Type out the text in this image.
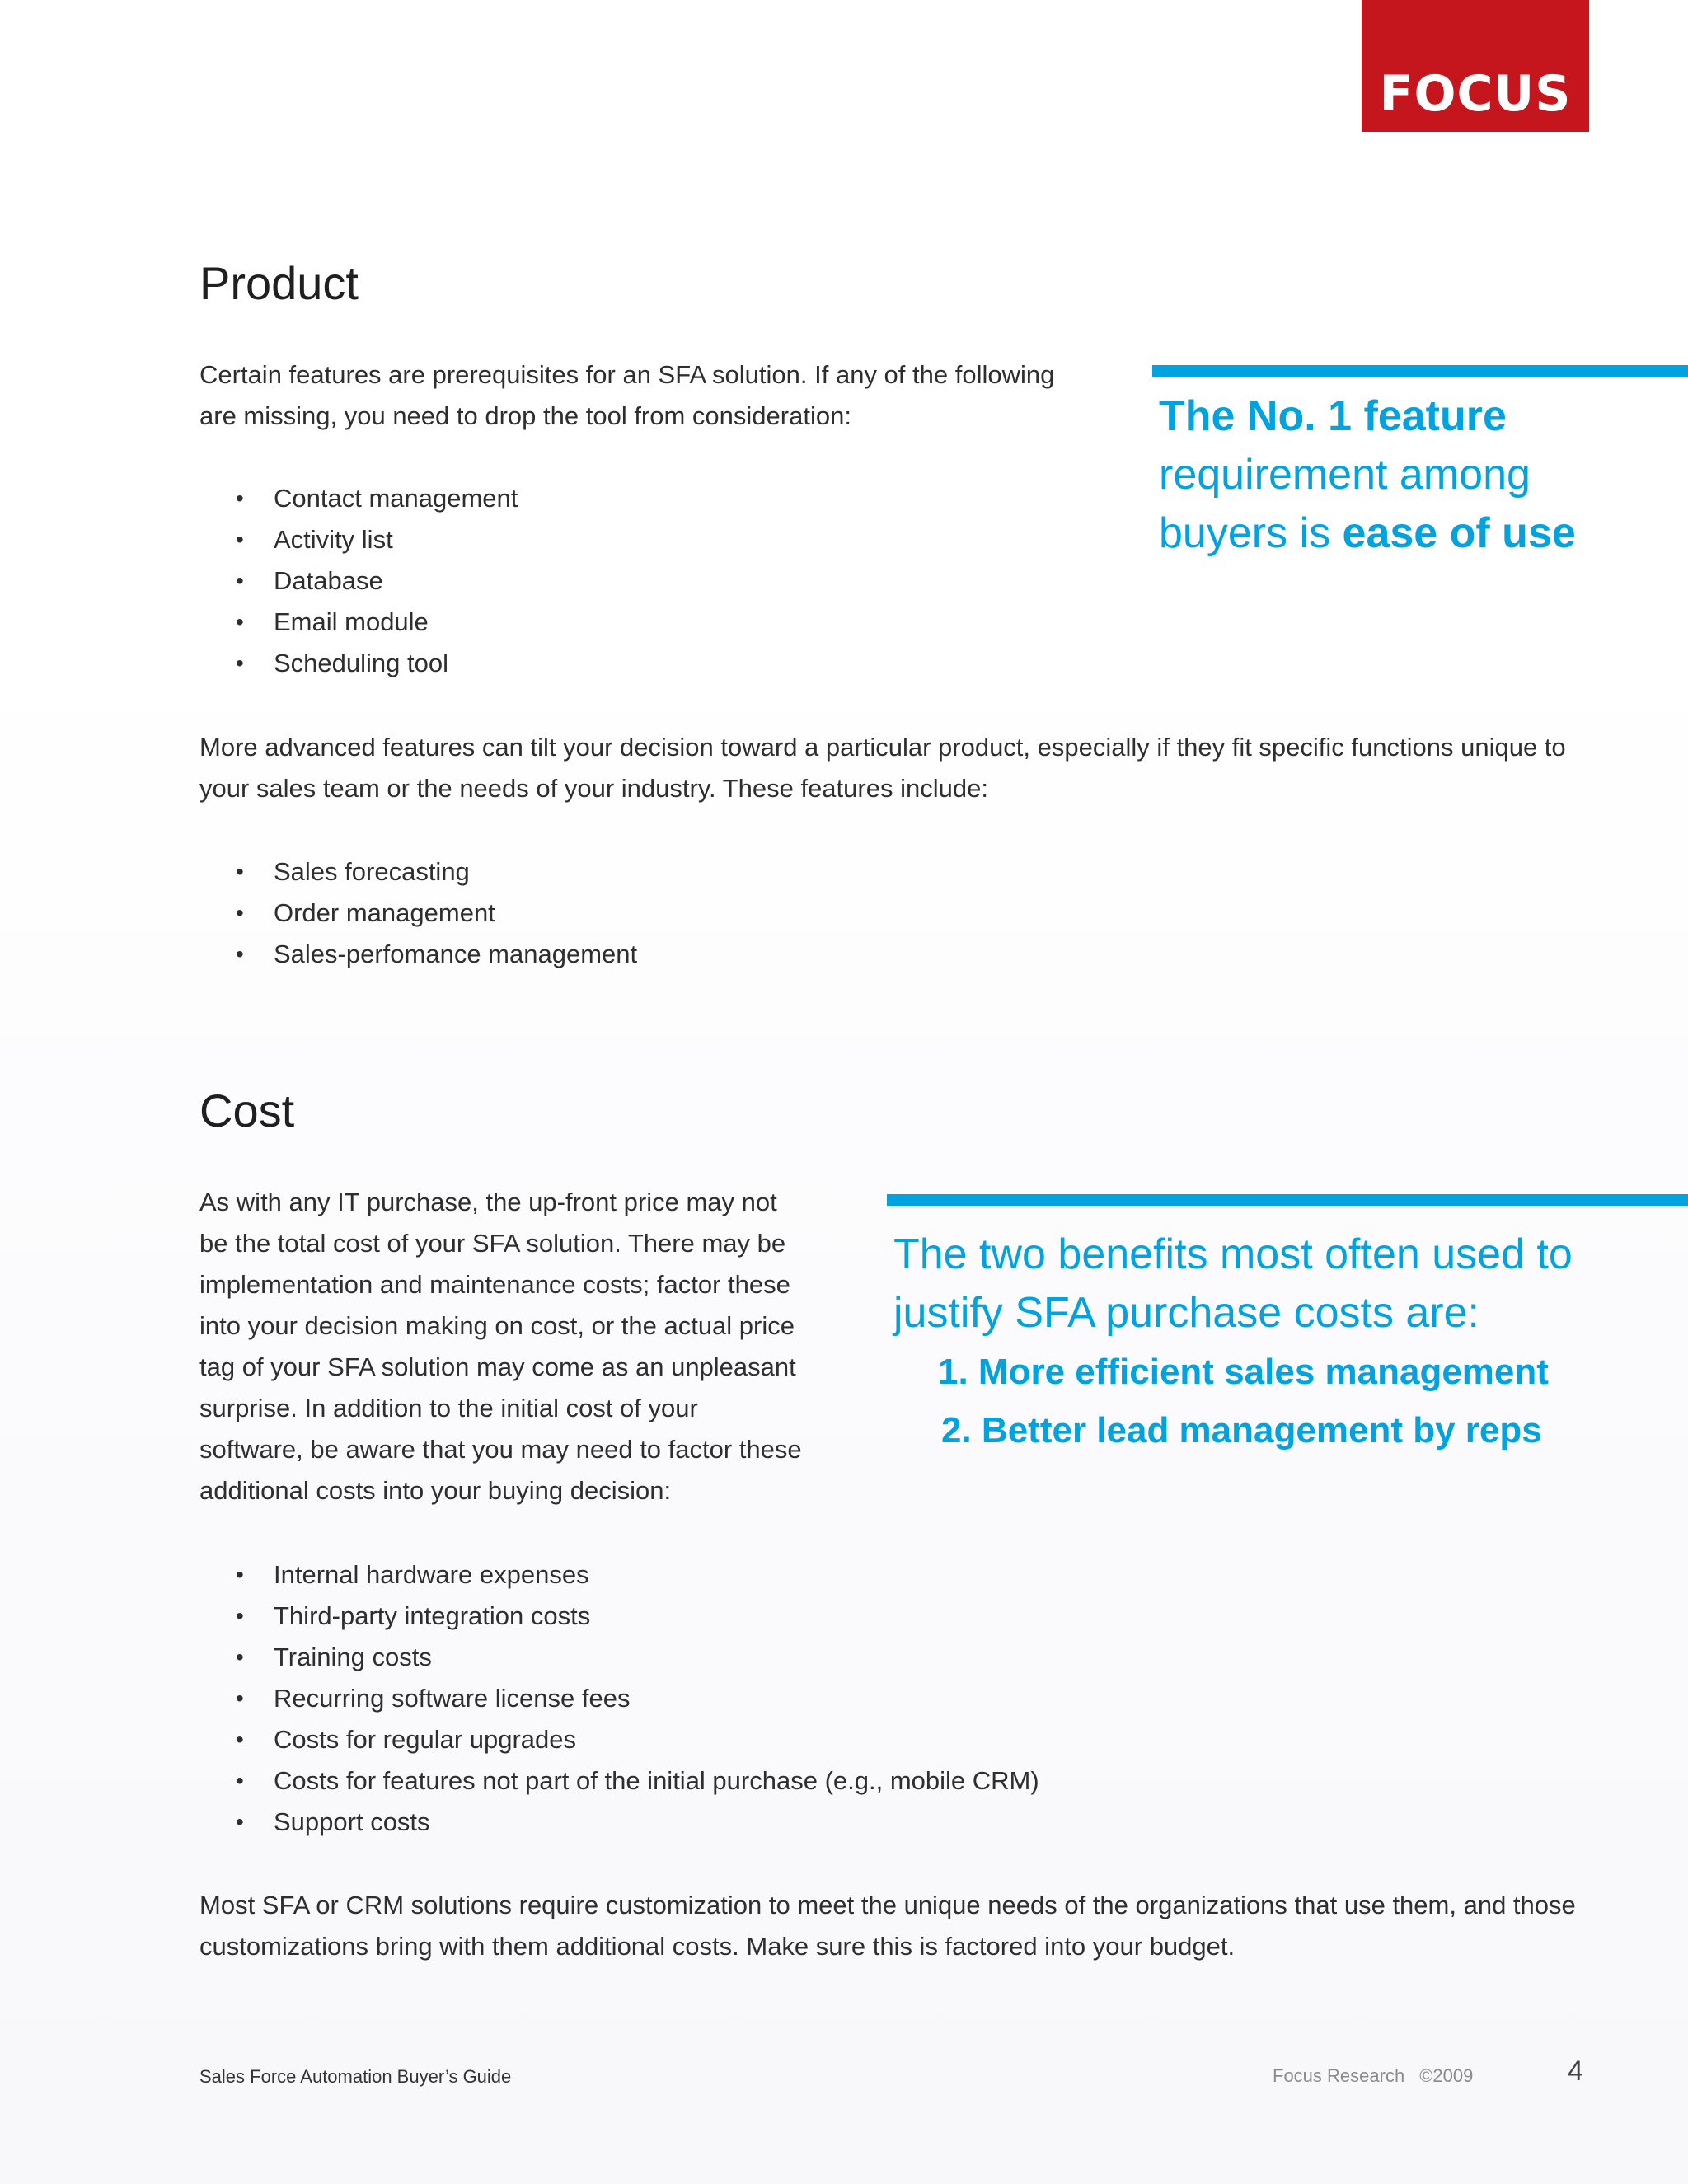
FOCUS
Product

Certain features are prerequisites for an SFA solution. If any of the following are missing, you need to drop the tool from consideration:

• Contact management
• Activity list
• Database
• Email module
• Scheduling tool

More advanced features can tilt your decision toward a particular product, especially if they fit specific functions unique to your sales team or the needs of your industry. These features include:

• Sales forecasting
• Order management
• Sales-perfomance management
The No. 1 feature
requirement among
buyers is ease of use
Cost

As with any IT purchase, the up-front price may not be the total cost of your SFA solution. There may be implementation and maintenance costs; factor these into your decision making on cost, or the actual price tag of your SFA solution may come as an unpleasant surprise. In addition to the initial cost of your software, be aware that you may need to factor these additional costs into your buying decision:

• Internal hardware expenses
• Third-party integration costs
• Training costs
• Recurring software license fees
• Costs for regular upgrades
• Costs for features not part of the initial purchase (e.g., mobile CRM)
• Support costs

Most SFA or CRM solutions require customization to meet the unique needs of the organizations that use them, and those customizations bring with them additional costs. Make sure this is factored into your budget.

The two benefits most often used to
justify SFA purchase costs are:
1. More efficient sales management
2. Better lead management by reps
Sales Force Automation Buyer’s Guide	Focus Research ©2009	4
